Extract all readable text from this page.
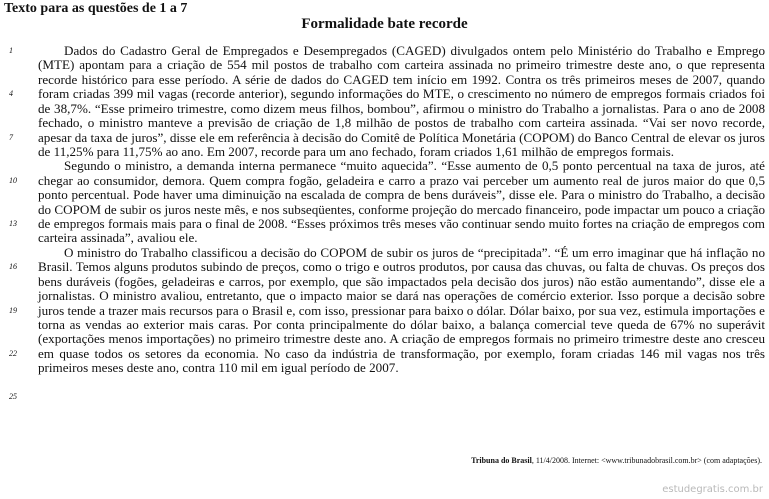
Texto para as questões de 1 a 7
Formalidade bate recorde
1
4
7
10
13
16
19
22
25

Dados do Cadastro Geral de Empregados e Desempregados (CAGED) divulgados ontem pelo Ministério do Trabalho e Emprego (MTE) apontam para a criação de 554 mil postos de trabalho com carteira assinada no primeiro trimestre deste ano, o que representa recorde histórico para esse período. A série de dados do CAGED tem início em 1992. Contra os três primeiros meses de 2007, quando foram criadas 399 mil vagas (recorde anterior), segundo informações do MTE, o crescimento no número de empregos formais criados foi de 38,7%. “Esse primeiro trimestre, como dizem meus filhos, bombou”, afirmou o ministro do Trabalho a jornalistas. Para o ano de 2008 fechado, o ministro manteve a previsão de criação de 1,8 milhão de postos de trabalho com carteira assinada. “Vai ser novo recorde, apesar da taxa de juros”, disse ele em referência à decisão do Comitê de Política Monetária (COPOM) do Banco Central de elevar os juros de 11,25% para 11,75% ao ano. Em 2007, recorde para um ano fechado, foram criados 1,61 milhão de empregos formais.

Segundo o ministro, a demanda interna permanece “muito aquecida”. “Esse aumento de 0,5 ponto percentual na taxa de juros, até chegar ao consumidor, demora. Quem compra fogão, geladeira e carro a prazo vai perceber um aumento real de juros maior do que 0,5 ponto percentual. Pode haver uma diminuição na escalada de compra de bens duráveis”, disse ele. Para o ministro do Trabalho, a decisão do COPOM de subir os juros neste mês, e nos subseqüentes, conforme projeção do mercado financeiro, pode impactar um pouco a criação de empregos formais mais para o final de 2008. “Esses próximos três meses vão continuar sendo muito fortes na criação de empregos com carteira assinada”, avaliou ele.

O ministro do Trabalho classificou a decisão do COPOM de subir os juros de “precipitada”. “É um erro imaginar que há inflação no Brasil. Temos alguns produtos subindo de preços, como o trigo e outros produtos, por causa das chuvas, ou falta de chuvas. Os preços dos bens duráveis (fogões, geladeiras e carros, por exemplo, que são impactados pela decisão dos juros) não estão aumentando”, disse ele a jornalistas. O ministro avaliou, entretanto, que o impacto maior se dará nas operações de comércio exterior. Isso porque a decisão sobre juros tende a trazer mais recursos para o Brasil e, com isso, pressionar para baixo o dólar. Dólar baixo, por sua vez, estimula importações e torna as vendas ao exterior mais caras. Por conta principalmente do dólar baixo, a balança comercial teve queda de 67% no superávit (exportações menos importações) no primeiro trimestre deste ano. A criação de empregos formais no primeiro trimestre deste ano cresceu em quase todos os setores da economia. No caso da indústria de transformação, por exemplo, foram criadas 146 mil vagas nos três primeiros meses deste ano, contra 110 mil em igual período de 2007.

Tribuna do Brasil, 11/4/2008. Internet: <www.tribunadobrasil.com.br> (com adaptações).
estudegratis.com.br
